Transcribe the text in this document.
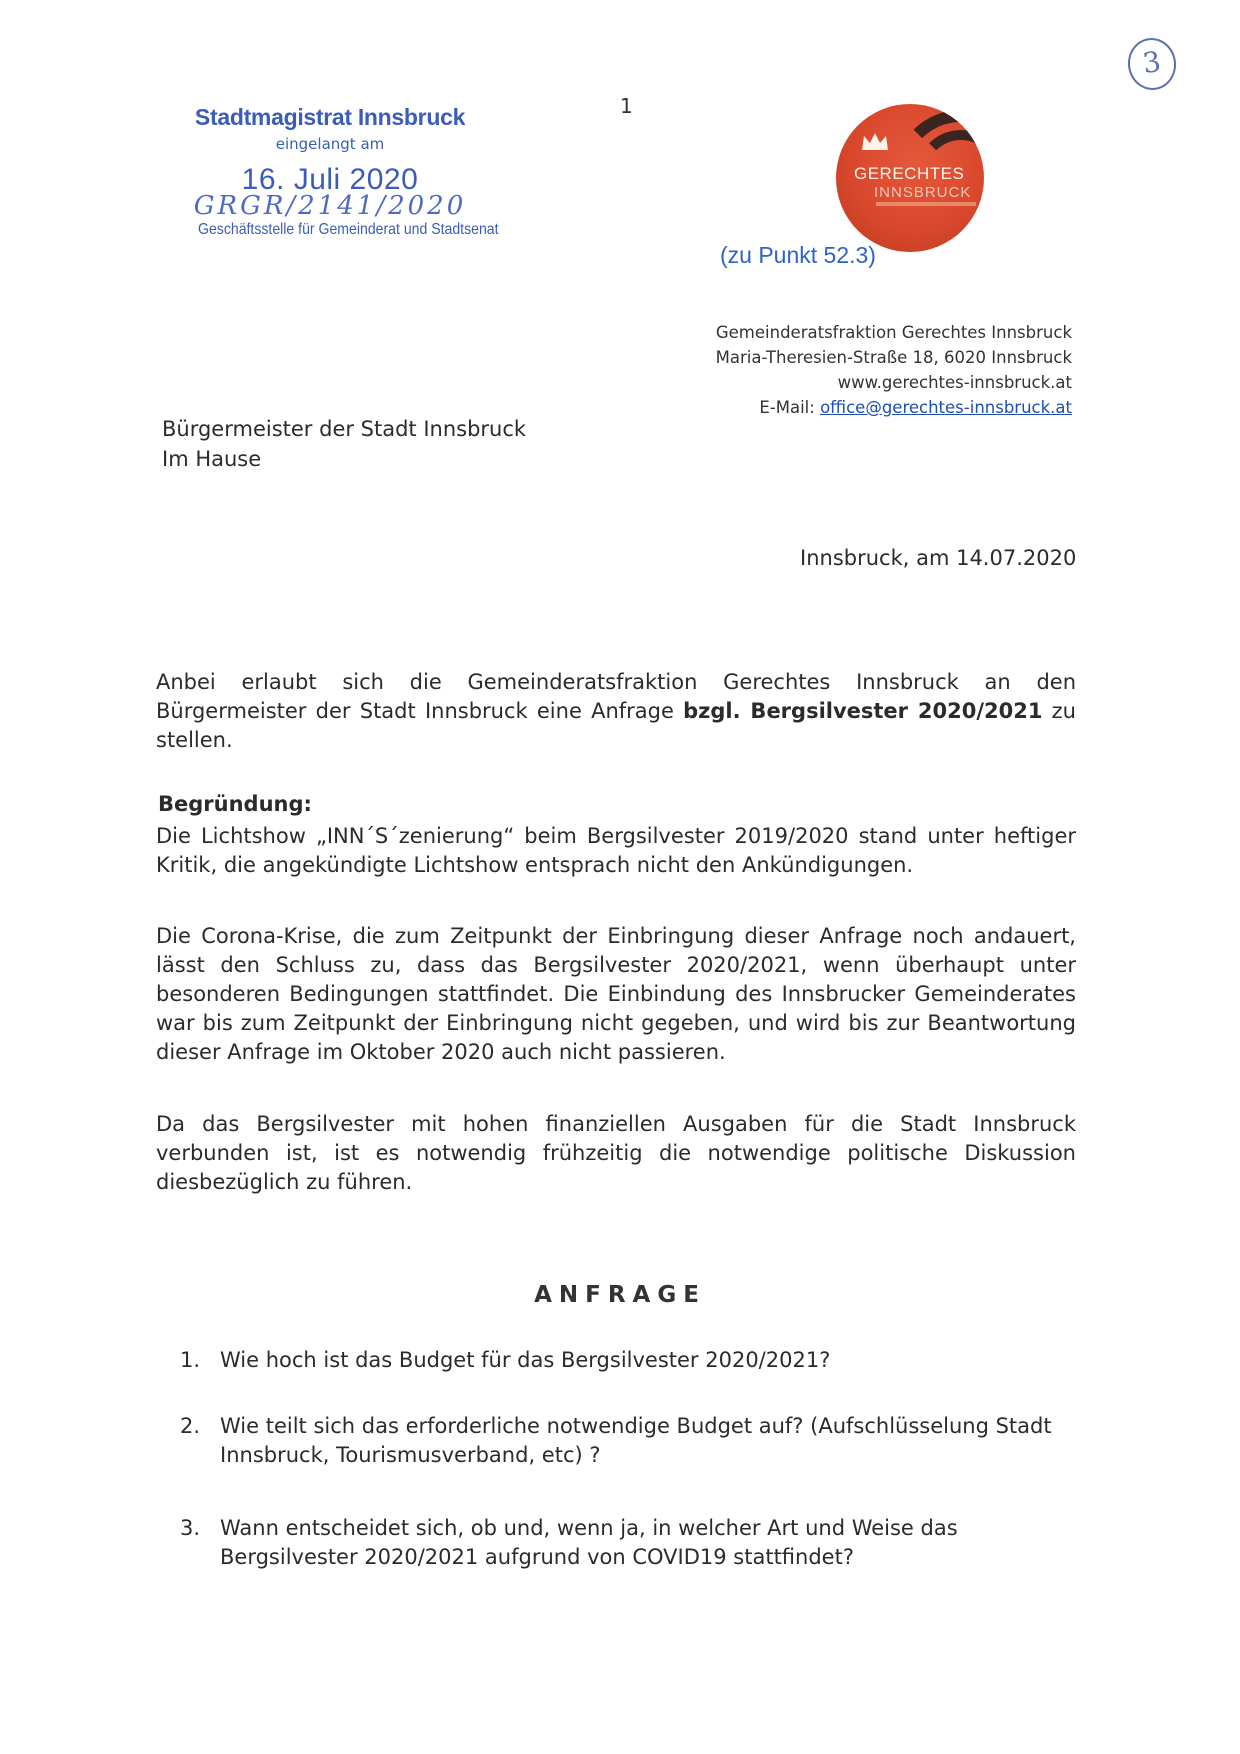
3
1
Stadtmagistrat Innsbruck
eingelangt am
16. Juli 2020
GRGR/2141/2020
Geschäftsstelle für Gemeinderat und Stadtsenat
GERECHTES
INNSBRUCK
(zu Punkt 52.3)
Gemeinderatsfraktion Gerechtes Innsbruck
Maria-Theresien-Straße 18, 6020 Innsbruck
www.gerechtes-innsbruck.at
E-Mail: office@gerechtes-innsbruck.at
Bürgermeister der Stadt Innsbruck
Im Hause
Innsbruck, am 14.07.2020

Anbei erlaubt sich die Gemeinderatsfraktion Gerechtes Innsbruck an den Bürgermeister der Stadt Innsbruck eine Anfrage bzgl. Bergsilvester 2020/2021 zu stellen.

Begründung:

Die Lichtshow „INN´S´zenierung“ beim Bergsilvester 2019/2020 stand unter heftiger Kritik, die angekündigte Lichtshow entsprach nicht den Ankündigungen.

Die Corona-Krise, die zum Zeitpunkt der Einbringung dieser Anfrage noch andauert, lässt den Schluss zu, dass das Bergsilvester 2020/2021, wenn überhaupt unter besonderen Bedingungen stattfindet. Die Einbindung des Innsbrucker Gemeinderates war bis zum Zeitpunkt der Einbringung nicht gegeben, und wird bis zur Beantwortung dieser Anfrage im Oktober 2020 auch nicht passieren.

Da das Bergsilvester mit hohen finanziellen Ausgaben für die Stadt Innsbruck verbunden ist, ist es notwendig frühzeitig die notwendige politische Diskussion diesbezüglich zu führen.

ANFRAGE
1. Wie hoch ist das Budget für das Bergsilvester 2020/2021?
2. Wie teilt sich das erforderliche notwendige Budget auf? (Aufschlüsselung Stadt Innsbruck, Tourismusverband, etc) ?
3. Wann entscheidet sich, ob und, wenn ja, in welcher Art und Weise das Bergsilvester 2020/2021 aufgrund von COVID19 stattfindet?
